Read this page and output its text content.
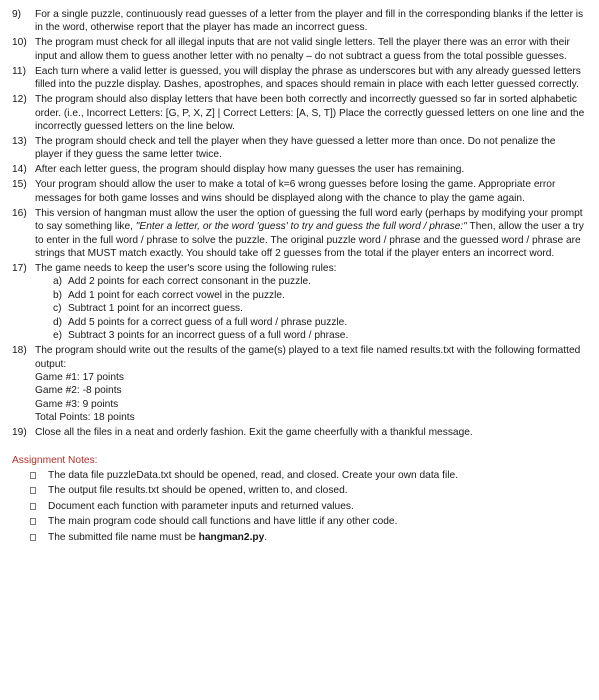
9)	For a single puzzle, continuously read guesses of a letter from the player and fill in the corresponding blanks if the letter is in the word, otherwise report that the player has made an incorrect guess.
10) The program must check for all illegal inputs that are not valid single letters. Tell the player there was an error with their input and allow them to guess another letter with no penalty – do not subtract a guess from the total possible guesses.
11) Each turn where a valid letter is guessed, you will display the phrase as underscores but with any already guessed letters filled into the puzzle display. Dashes, apostrophes, and spaces should remain in place with each letter guessed correctly.
12) The program should also display letters that have been both correctly and incorrectly guessed so far in sorted alphabetic order. (i.e., Incorrect Letters: [G, P, X, Z] | Correct Letters: [A, S, T]) Place the correctly guessed letters on one line and the incorrectly guessed letters on the line below.
13) The program should check and tell the player when they have guessed a letter more than once. Do not penalize the player if they guess the same letter twice.
14) After each letter guess, the program should display how many guesses the user has remaining.
15) Your program should allow the user to make a total of k=6 wrong guesses before losing the game. Appropriate error messages for both game losses and wins should be displayed along with the chance to play the game again.
16) This version of hangman must allow the user the option of guessing the full word early (perhaps by modifying your prompt to say something like, "Enter a letter, or the word 'guess' to try and guess the full word / phrase:" Then, allow the user a try to enter in the full word / phrase to solve the puzzle. The original puzzle word / phrase and the guessed word / phrase are strings that MUST match exactly. You should take off 2 guesses from the total if the player enters an incorrect word.
17) The game needs to keep the user's score using the following rules:
a) Add 2 points for each correct consonant in the puzzle.
b) Add 1 point for each correct vowel in the puzzle.
c) Subtract 1 point for an incorrect guess.
d) Add 5 points for a correct guess of a full word / phrase puzzle.
e) Subtract 3 points for an incorrect guess of a full word / phrase.
18) The program should write out the results of the game(s) played to a text file named results.txt with the following formatted output:
Game #1: 17 points
Game #2: -8 points
Game #3: 9 points
Total Points: 18 points
19) Close all the files in a neat and orderly fashion. Exit the game cheerfully with a thankful message.
Assignment Notes:
The data file puzzleData.txt should be opened, read, and closed. Create your own data file.
The output file results.txt should be opened, written to, and closed.
Document each function with parameter inputs and returned values.
The main program code should call functions and have little if any other code.
The submitted file name must be hangman2.py.
